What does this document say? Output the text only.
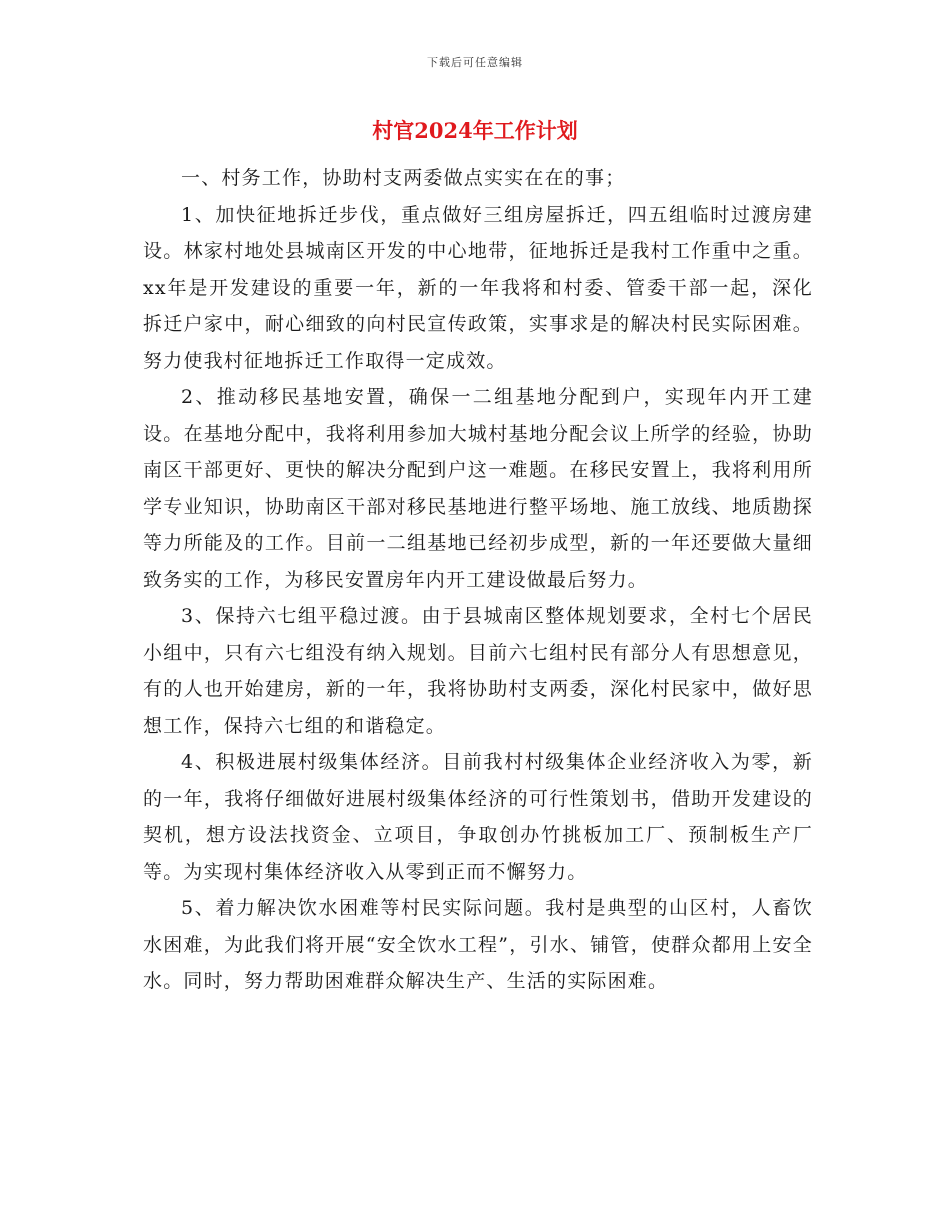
下载后可任意编辑
村官2024年工作计划

一、村务工作，协助村支两委做点实实在在的事；

1、加快征地拆迁步伐，重点做好三组房屋拆迁，四五组临时过渡房建设。林家村地处县城南区开发的中心地带，征地拆迁是我村工作重中之重。xx年是开发建设的重要一年，新的一年我将和村委、管委干部一起，深化拆迁户家中，耐心细致的向村民宣传政策，实事求是的解决村民实际困难。努力使我村征地拆迁工作取得一定成效。

2、推动移民基地安置，确保一二组基地分配到户，实现年内开工建设。在基地分配中，我将利用参加大城村基地分配会议上所学的经验，协助南区干部更好、更快的解决分配到户这一难题。在移民安置上，我将利用所学专业知识，协助南区干部对移民基地进行整平场地、施工放线、地质勘探等力所能及的工作。目前一二组基地已经初步成型，新的一年还要做大量细致务实的工作，为移民安置房年内开工建设做最后努力。

3、保持六七组平稳过渡。由于县城南区整体规划要求，全村七个居民小组中，只有六七组没有纳入规划。目前六七组村民有部分人有思想意见，有的人也开始建房，新的一年，我将协助村支两委，深化村民家中，做好思想工作，保持六七组的和谐稳定。

4、积极进展村级集体经济。目前我村村级集体企业经济收入为零，新的一年，我将仔细做好进展村级集体经济的可行性策划书，借助开发建设的契机，想方设法找资金、立项目，争取创办竹挑板加工厂、预制板生产厂等。为实现村集体经济收入从零到正而不懈努力。

5、着力解决饮水困难等村民实际问题。我村是典型的山区村，人畜饮水困难，为此我们将开展“安全饮水工程”，引水、铺管，使群众都用上安全水。同时，努力帮助困难群众解决生产、生活的实际困难。
